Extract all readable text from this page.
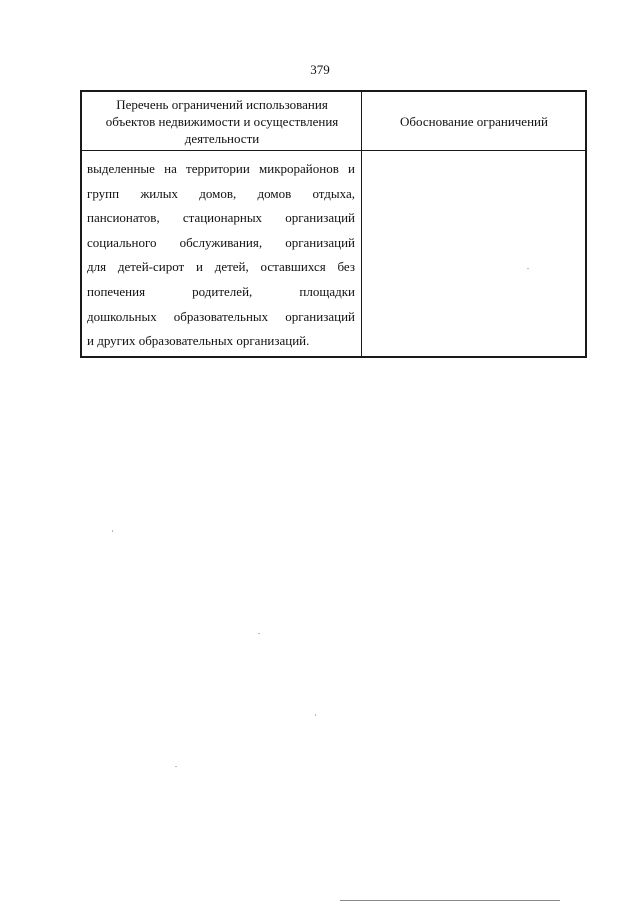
379
Перечень ограничений использования
объектов недвижимости и осуществления
деятельности
Обоснование ограничений
выделенные на территории микрорайонов и
групп жилых домов, домов отдыха,
пансионатов, стационарных организаций
социального обслуживания, организаций
для детей-сирот и детей, оставшихся без
попечения родителей, площадки
дошкольных образовательных организаций
и других образовательных организаций.
